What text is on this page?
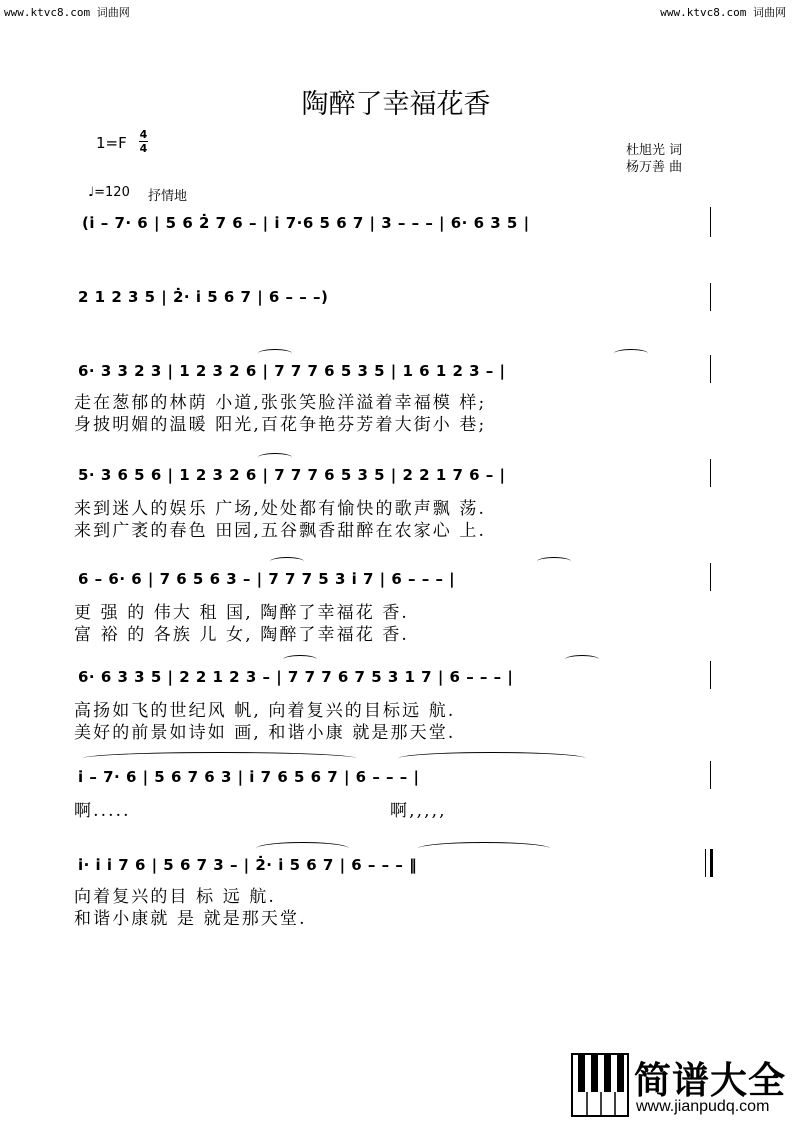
www.ktvc8.com 词曲网	www.ktvc8.com 词曲网
陶醉了幸福花香
1=F 4
4	杜旭光 词
杨万善 曲
♩=120 抒情地
(i̇ – 7· 6 | 5 6 2̇ 7 6 – | i̇ 7·6 5 6 7 | 3 – – – | 6· 6 3 5 |
2 1 2 3 5 | 2̇· i̇ 5 6 7 | 6 – – –)
6· 3 3 2 3 | 1 2 3 2 6 | 7 7 7 6 5 3 5 | 1 6 1 2 3 – |
走在葱郁的林荫 小道,张张笑脸洋溢着幸福模 样;
身披明媚的温暖 阳光,百花争艳芬芳着大街小 巷;
5· 3 6 5 6 | 1 2 3 2 6 | 7 7 7 6 5 3 5 | 2 2 1 7 6 – |
来到迷人的娱乐 广场,处处都有愉快的歌声飘 荡.
来到广袤的春色 田园,五谷飘香甜醉在农家心 上.
6 – 6· 6 | 7 6 5 6 3 – | 7 7 7 5 3 i̇ 7 | 6 – – – |
更 强 的 伟大 租 国, 陶醉了幸福花 香.
富 裕 的 各族 儿 女, 陶醉了幸福花 香.
6· 6 3 3 5 | 2 2 1 2 3 – | 7 7 7 6 7 5 3 1 7 | 6 – – – |
高扬如飞的世纪风 帆, 向着复兴的目标远 航.
美好的前景如诗如 画, 和谐小康 就是那天堂.
i̇ – 7· 6 | 5 6 7 6 3 | i̇ 7 6 5 6 7 | 6 – – – |
啊.....	啊,,,,,
i̇· i̇ i̇ 7 6 | 5 6 7 3 – | 2̇· i̇ 5 6 7 | 6 – – – ‖
向着复兴的目 标 远 航.
和谐小康就 是 就是那天堂.
简谱大全
www.jianpudq.com
